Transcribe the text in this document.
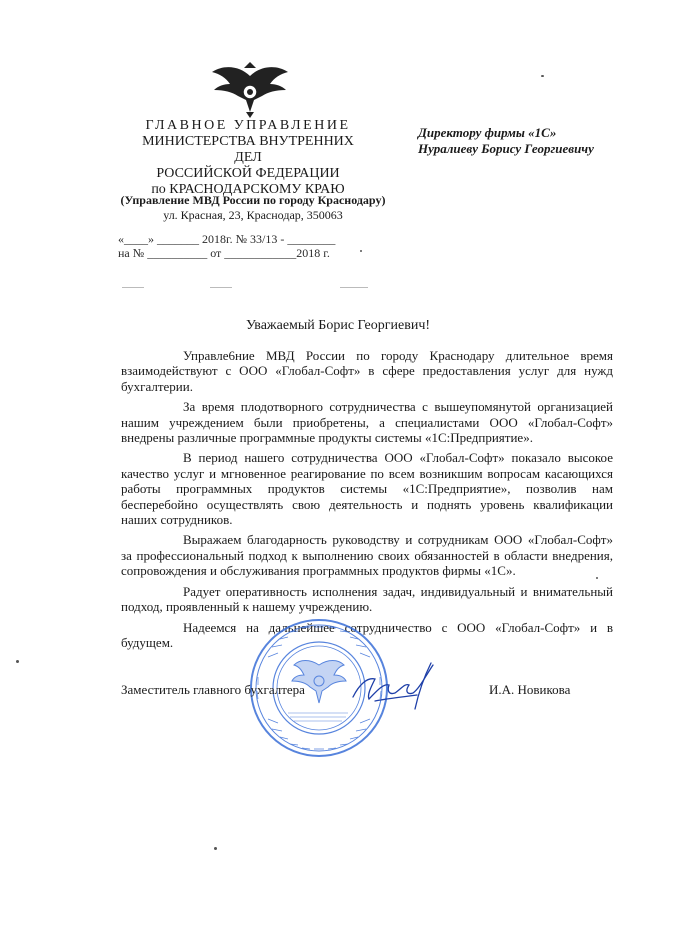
ГЛАВНОЕ УПРАВЛЕНИЕ
МИНИСТЕРСТВА ВНУТРЕННИХ ДЕЛ
РОССИЙСКОЙ ФЕДЕРАЦИИ
по КРАСНОДАРСКОМУ КРАЮ
(Управление МВД России по городу Краснодару)
ул. Красная, 23, Краснодар, 350063
«____» _______ 2018г. № 33/13 - ________
на № __________ от ____________2018 г.
Директору фирмы «1С»
Нуралиеву Борису Георгиевичу
Уважаемый Борис Георгиевич!

Управле6ние МВД России по городу Краснодару длительное время взаимодействуют с ООО «Глобал-Софт» в сфере предоставления услуг для нужд бухгалтерии.

За время плодотворного сотрудничества с вышеупомянутой организацией нашим учреждением были приобретены, а специалистами ООО «Глобал-Софт» внедрены различные программные продукты системы «1С:Предприятие».

В период нашего сотрудничества ООО «Глобал-Софт» показало высокое качество услуг и мгновенное реагирование по всем возникшим вопросам касающихся работы программных продуктов системы «1С:Предприятие», позволив нам бесперебойно осуществлять свою деятельность и поднять уровень квалификации наших сотрудников.

Выражаем благодарность руководству и сотрудникам ООО «Глобал-Софт» за профессиональный подход к выполнению своих обязанностей в области внедрения, сопровождения и обслуживания программных продуктов фирмы «1С».

Радует оперативность исполнения задач, индивидуальный и внимательный подход, проявленный к нашему учреждению.

Надеемся на дальнейшее сотрудничество с ООО «Глобал-Софт» и в будущем.

Заместитель главного бухгалтера	И.А. Новикова
